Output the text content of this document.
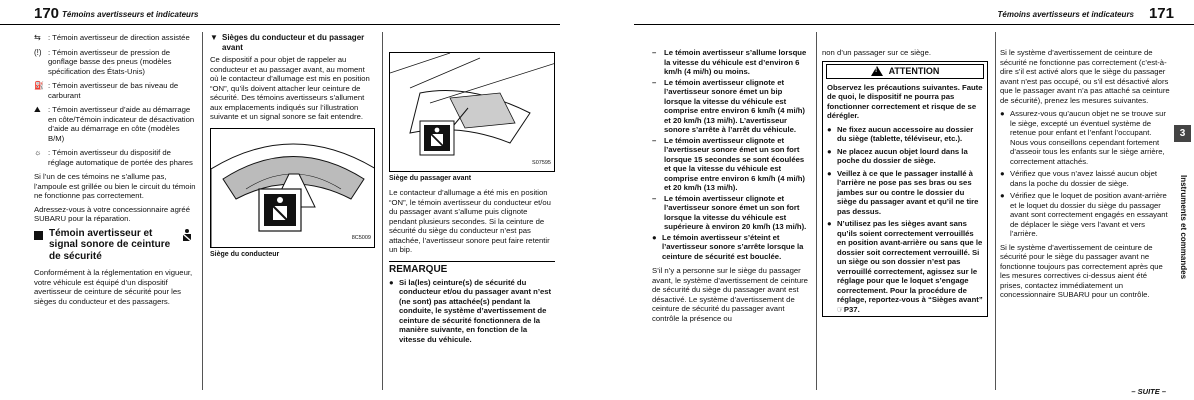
170 Témoins avertisseurs et indicateurs
⇆ : Témoin avertisseur de direction assistée
(!) : Témoin avertisseur de pression de gonflage basse des pneus (modèles spécification des États-Unis)
⛽ : Témoin avertisseur de bas niveau de carburant
⛰ : Témoin avertisseur d’aide au démarrage en côte/Témoin indicateur de désactivation d’aide au démarrage en côte (modèles B/M)
☼ : Témoin avertisseur du dispositif de réglage automatique de portée des phares

Si l’un de ces témoins ne s’allume pas, l’ampoule est grillée ou bien le circuit du témoin ne fonctionne pas correctement.

Adressez-vous à votre concessionnaire agréé SUBARU pour la réparation.

Témoin avertisseur et signal sonore de ceinture de sécurité

Conformément à la réglementation en vigueur, votre véhicule est équipé d’un dispositif avertisseur de ceinture de sécurité pour les sièges du conducteur et des passagers.

▼ Sièges du conducteur et du passager avant

Ce dispositif a pour objet de rappeler au conducteur et au passager avant, au moment où le contacteur d’allumage est mis en position “ON”, qu’ils doivent attacher leur ceinture de sécurité. Des témoins avertisseurs s’allument aux emplacements indiqués sur l’illustration suivante et un signal sonore se fait entendre.

8C5009
Siège du conducteur
S07595
Siège du passager avant

Le contacteur d’allumage a été mis en position “ON”, le témoin avertisseur du conducteur et/ou du passager avant s’allume puis clignote pendant plusieurs secondes. Si la ceinture de sécurité du siège du conducteur n’est pas attachée, l’avertisseur sonore peut faire retentir un bip.

REMARQUE
● Si la(les) ceinture(s) de sécurité du conducteur et/ou du passager avant n’est (ne sont) pas attachée(s) pendant la conduite, le système d’avertissement de ceinture de sécurité fonctionnera de la manière suivante, en fonction de la vitesse du véhicule.
Témoins avertisseurs et indicateurs 171
–	Le témoin avertisseur s’allume lorsque la vitesse du véhicule est d’environ 6 km/h (4 mi/h) ou moins.
–	Le témoin avertisseur clignote et l’avertisseur sonore émet un bip lorsque la vitesse du véhicule est comprise entre environ 6 km/h (4 mi/h) et 20 km/h (13 mi/h). L’avertisseur sonore s’arrête à l’arrêt du véhicule.
–	Le témoin avertisseur clignote et l’avertisseur sonore émet un son fort lorsque 15 secondes se sont écoulées et que la vitesse du véhicule est comprise entre environ 6 km/h (4 mi/h) et 20 km/h (13 mi/h).
–	Le témoin avertisseur clignote et l’avertisseur sonore émet un son fort lorsque la vitesse du véhicule est supérieure à environ 20 km/h (13 mi/h).
● Le témoin avertisseur s’éteint et l’avertisseur sonore s’arrête lorsque la ceinture de sécurité est bouclée.

S’il n’y a personne sur le siège du passager avant, le système d’avertissement de ceinture de sécurité du siège du passager avant est désactivé. Le système d’avertissement de ceinture de sécurité du passager avant contrôle la présence ou

non d’un passager sur ce siège.

! ATTENTION

Observez les précautions suivantes. Faute de quoi, le dispositif ne pourra pas fonctionner correctement et risque de se dérégler.

● Ne fixez aucun accessoire au dossier du siège (tablette, téléviseur, etc.).
● Ne placez aucun objet lourd dans la poche du dossier de siège.
● Veillez à ce que le passager installé à l’arrière ne pose pas ses bras ou ses jambes sur ou contre le dossier du siège du passager avant et qu’il ne tire pas dessus.
● N’utilisez pas les sièges avant sans qu’ils soient correctement verrouillés en position avant-arrière ou sans que le dossier soit correctement verrouillé. Si un siège ou son dossier n’est pas verrouillé correctement, agissez sur le réglage pour que le loquet s’engage correctement. Pour la procédure de réglage, reportez-vous à “Sièges avant” ☞P37.

Si le système d’avertissement de ceinture de sécurité ne fonctionne pas correctement (c’est-à-dire s’il est activé alors que le siège du passager avant n’est pas occupé, ou s’il est désactivé alors que le passager avant n’a pas attaché sa ceinture de sécurité), prenez les mesures suivantes.

● Assurez-vous qu’aucun objet ne se trouve sur le siège, excepté un éventuel système de retenue pour enfant et l’enfant l’occupant. Nous vous conseillons cependant fortement d’asseoir tous les enfants sur le siège arrière, correctement attachés.
● Vérifiez que vous n’avez laissé aucun objet dans la poche du dossier de siège.
● Vérifiez que le loquet de position avant-arrière et le loquet du dossier du siège du passager avant sont correctement engagés en essayant de déplacer le siège vers l’avant et vers l’arrière.

Si le système d’avertissement de ceinture de sécurité pour le siège du passager avant ne fonctionne toujours pas correctement après que les mesures correctives ci-dessus aient été prises, contactez immédiatement un concessionnaire SUBARU pour un contrôle.

– SUITE –
3
Instruments et commandes
